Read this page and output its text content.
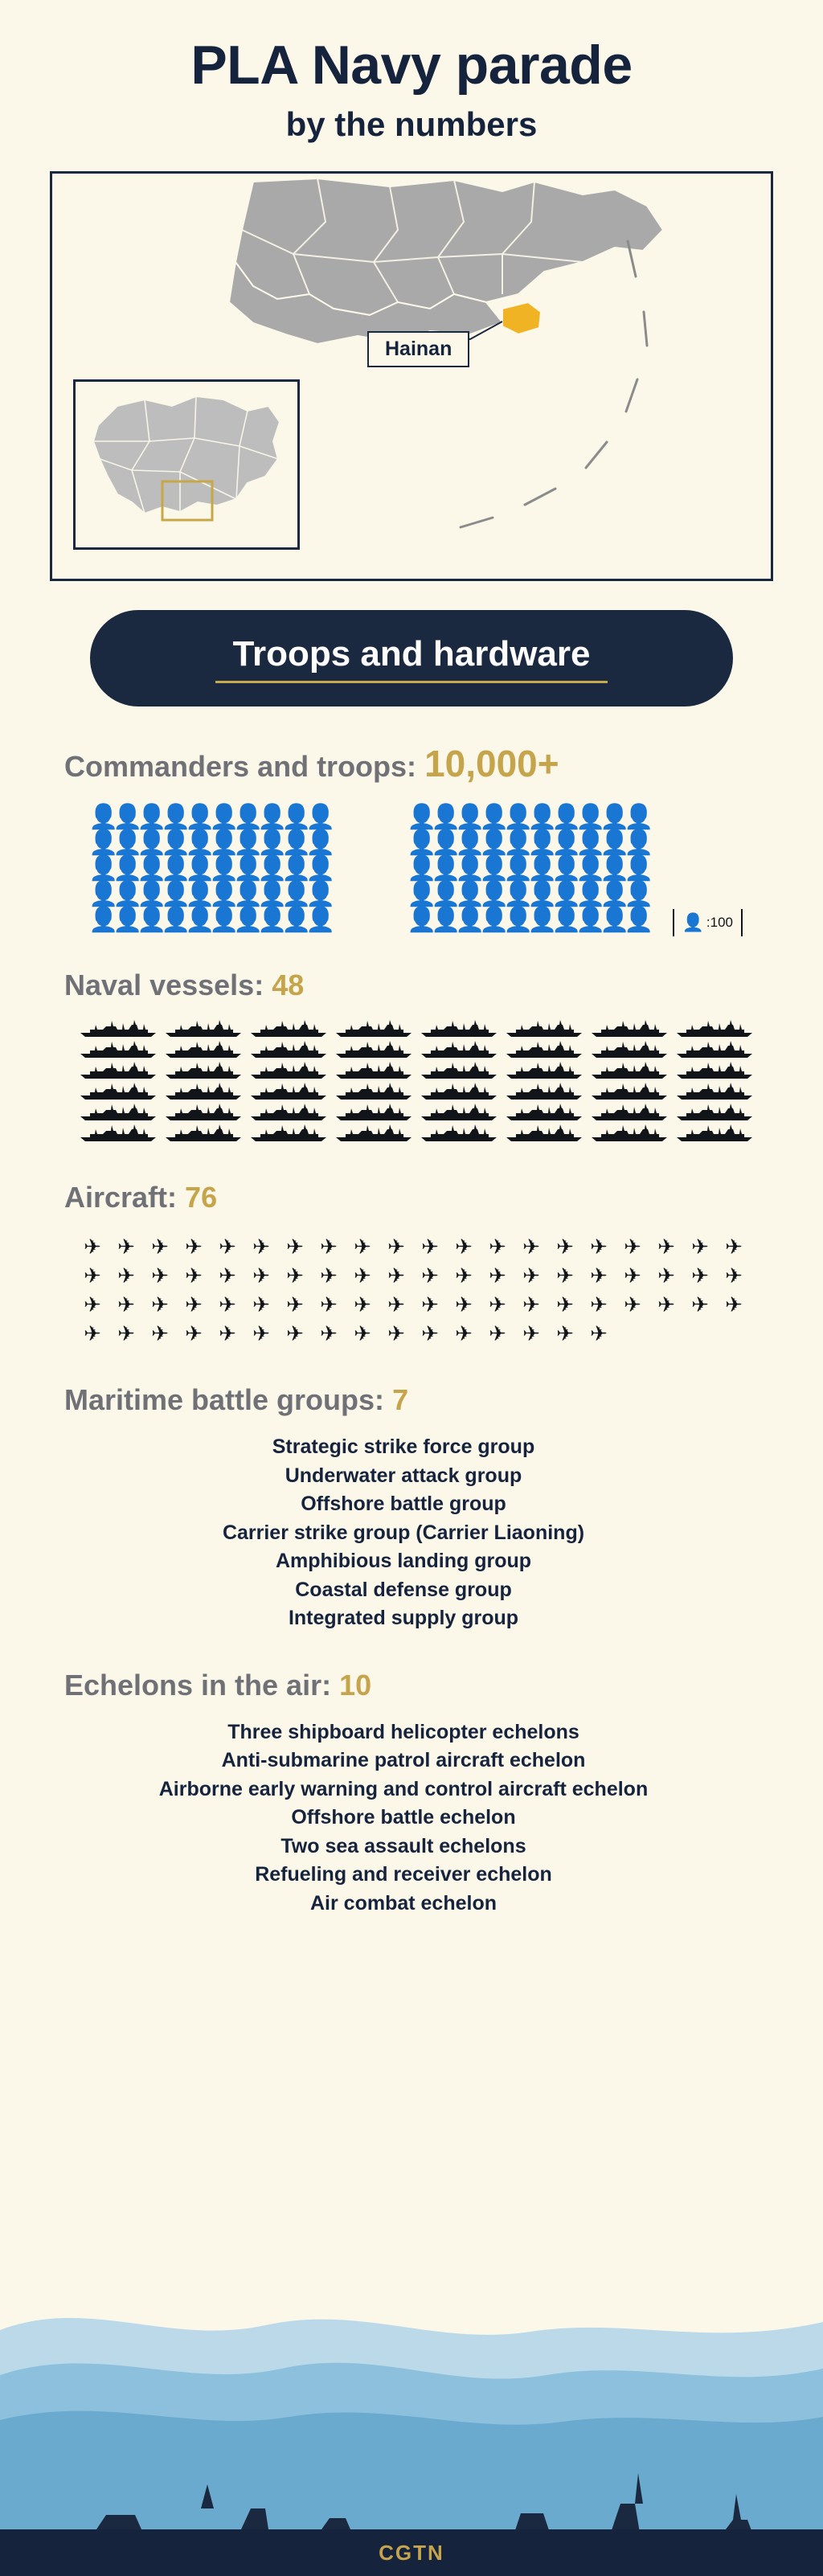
PLA Navy parade
by the numbers
Hainan
Troops and hardware
Commanders and troops: 10,000+
👤
👤
👤
👤
👤
👤
👤
👤
👤
👤
👤
👤
👤
👤
👤
👤
👤
👤
👤
👤
👤
👤
👤
👤
👤
👤
👤
👤
👤
👤
👤
👤
👤
👤
👤
👤
👤
👤
👤
👤
👤
👤
👤
👤
👤
👤
👤
👤
👤
👤
👤
👤
👤
👤
👤
👤
👤
👤
👤
👤
👤
👤
👤
👤
👤
👤
👤
👤
👤
👤
👤
👤
👤
👤
👤
👤
👤
👤
👤
👤
👤
👤
👤
👤
👤
👤
👤
👤
👤
👤
👤
👤
👤
👤
👤
👤
👤
👤
👤
👤 👤 :100
Naval vessels: 48
Aircraft: 76
✈ ✈ ✈ ✈ ✈ ✈ ✈ ✈ ✈ ✈ ✈ ✈ ✈ ✈ ✈ ✈ ✈ ✈ ✈ ✈
✈ ✈ ✈ ✈ ✈ ✈ ✈ ✈ ✈ ✈ ✈ ✈ ✈ ✈ ✈ ✈ ✈ ✈ ✈ ✈
✈ ✈ ✈ ✈ ✈ ✈ ✈ ✈ ✈ ✈ ✈ ✈ ✈ ✈ ✈ ✈ ✈ ✈ ✈ ✈
✈ ✈ ✈ ✈ ✈ ✈ ✈ ✈ ✈ ✈ ✈ ✈ ✈ ✈ ✈ ✈
Maritime battle groups: 7
Strategic strike force group
Underwater attack group
Offshore battle group
Carrier strike group (Carrier Liaoning)
Amphibious landing group
Coastal defense group
Integrated supply group
Echelons in the air: 10
Three shipboard helicopter echelons
Anti-submarine patrol aircraft echelon
Airborne early warning and control aircraft echelon
Offshore battle echelon
Two sea assault echelons
Refueling and receiver echelon
Air combat echelon
CGTN
